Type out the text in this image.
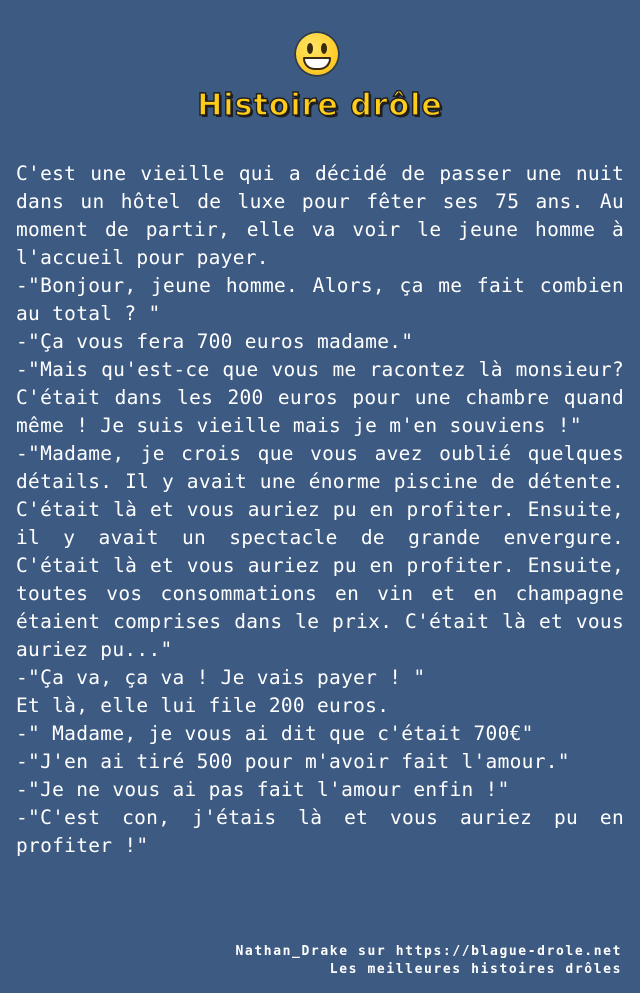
Histoire drôle

C'est une vieille qui a décidé de passer une nuit dans un hôtel de luxe pour fêter ses 75 ans. Au moment de partir, elle va voir le jeune homme à l'accueil pour payer.

-"Bonjour, jeune homme. Alors, ça me fait combien au total ? "

-"Ça vous fera 700 euros madame."

-"Mais qu'est-ce que vous me racontez là monsieur? C'était dans les 200 euros pour une chambre quand même ! Je suis vieille mais je m'en souviens !"

-"Madame, je crois que vous avez oublié quelques détails. Il y avait une énorme piscine de détente. C'était là et vous auriez pu en profiter. Ensuite, il y avait un spectacle de grande envergure. C'était là et vous auriez pu en profiter. Ensuite, toutes vos consommations en vin et en champagne étaient comprises dans le prix. C'était là et vous auriez pu..."

-"Ça va, ça va ! Je vais payer ! "

Et là, elle lui file 200 euros.

-" Madame, je vous ai dit que c'était 700€"

-"J'en ai tiré 500 pour m'avoir fait l'amour."

-"Je ne vous ai pas fait l'amour enfin !"

-"C'est con, j'étais là et vous auriez pu en profiter !"

Nathan_Drake sur https://blague-drole.net
Les meilleures histoires drôles
